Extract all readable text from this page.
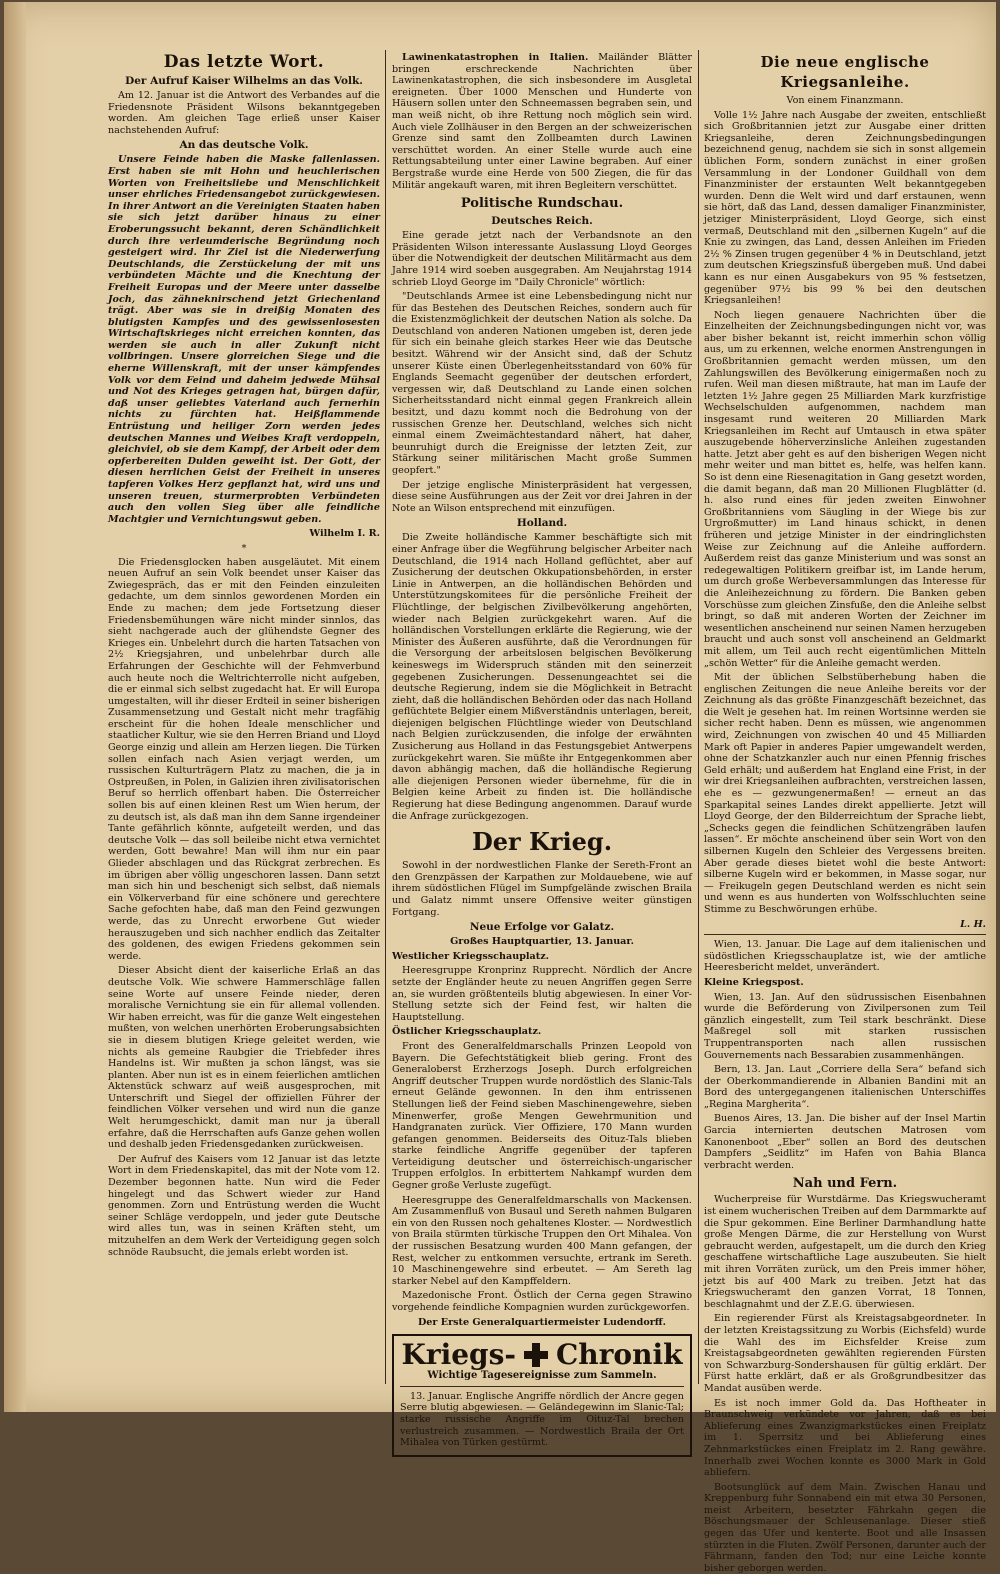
Das letzte Wort.
Der Aufruf Kaiser Wilhelms an das Volk.

Am 12. Januar ist die Antwort des Verbandes auf die Friedensnote Präsident Wilsons bekanntgegeben worden. Am gleichen Tage erließ unser Kaiser nachstehenden Aufruf:

An das deutsche Volk.

Unsere Feinde haben die Maske fallenlassen. Erst haben sie mit Hohn und heuchlerischen Worten von Freiheitsliebe und Menschlichkeit unser ehrliches Friedensangebot zurückgewiesen. In ihrer Antwort an die Vereinigten Staaten haben sie sich jetzt darüber hinaus zu einer Eroberungssucht bekannt, deren Schändlichkeit durch ihre verleumderische Begründung noch gesteigert wird. Ihr Ziel ist die Niederwerfung Deutschlands, die Zerstückelung der mit uns verbündeten Mächte und die Knechtung der Freiheit Europas und der Meere unter dasselbe Joch, das zähneknirschend jetzt Griechenland trägt. Aber was sie in dreißig Monaten des blutigsten Kampfes und des gewissenlosesten Wirtschaftskrieges nicht erreichen konnten, das werden sie auch in aller Zukunft nicht vollbringen. Unsere glorreichen Siege und die eherne Willenskraft, mit der unser kämpfendes Volk vor dem Feind und daheim jedwede Mühsal und Not des Krieges getragen hat, bürgen dafür, daß unser geliebtes Vaterland auch fernerhin nichts zu fürchten hat. Heißflammende Entrüstung und heiliger Zorn werden jedes deutschen Mannes und Weibes Kraft verdoppeln, gleichviel, ob sie dem Kampf, der Arbeit oder dem opferbereiten Dulden geweiht ist. Der Gott, der diesen herrlichen Geist der Freiheit in unseres tapferen Volkes Herz gepflanzt hat, wird uns und unseren treuen, sturmerprobten Verbündeten auch den vollen Sieg über alle feindliche Machtgier und Vernichtungswut geben.

Wilhelm I. R.

*

Die Friedensglocken haben ausgeläutet. Mit einem neuen Aufruf an sein Volk beendet unser Kaiser das Zwiegespräch, das er mit den Feinden einzuleiten gedachte, um dem sinnlos gewordenen Morden ein Ende zu machen; dem jede Fortsetzung dieser Friedensbemühungen wäre nicht minder sinnlos, das sieht nachgerade auch der glühendste Gegner des Krieges ein. Unbelehrt durch die harten Tatsachen von 2½ Kriegsjahren, und unbelehrbar durch alle Erfahrungen der Geschichte will der Fehmverbund auch heute noch die Weltrichterrolle nicht aufgeben, die er einmal sich selbst zugedacht hat. Er will Europa umgestalten, will ihr dieser Erdteil in seiner bisherigen Zusammensetzung und Gestalt nicht mehr tragfähig erscheint für die hohen Ideale menschlicher und staatlicher Kultur, wie sie den Herren Briand und Lloyd George einzig und allein am Herzen liegen. Die Türken sollen einfach nach Asien verjagt werden, um russischen Kulturträgern Platz zu machen, die ja in Ostpreußen, in Polen, in Galizien ihren zivilisatorischen Beruf so herrlich offenbart haben. Die Österreicher sollen bis auf einen kleinen Rest um Wien herum, der zu deutsch ist, als daß man ihn dem Sanne irgendeiner Tante gefährlich könnte, aufgeteilt werden, und das deutsche Volk — das soll beileibe nicht etwa vernichtet werden, Gott bewahre! Man will ihm nur ein paar Glieder abschlagen und das Rückgrat zerbrechen. Es im übrigen aber völlig ungeschoren lassen. Dann setzt man sich hin und beschenigt sich selbst, daß niemals ein Völkerverband für eine schönere und gerechtere Sache gefochten habe, daß man den Feind gezwungen werde, das zu Unrecht erworbene Gut wieder herauszugeben und sich nachher endlich das Zeitalter des goldenen, des ewigen Friedens gekommen sein werde.

Dieser Absicht dient der kaiserliche Erlaß an das deutsche Volk. Wie schwere Hammerschläge fallen seine Worte auf unsere Feinde nieder, deren moralische Vernichtung sie ein für allemal vollenden. Wir haben erreicht, was für die ganze Welt eingestehen mußten, von welchen unerhörten Eroberungsabsichten sie in diesem blutigen Kriege geleitet werden, wie nichts als gemeine Raubgier die Triebfeder ihres Handelns ist. Wir mußten ja schon längst, was sie planten. Aber nun ist es in einem feierlichen amtlichen Aktenstück schwarz auf weiß ausgesprochen, mit Unterschrift und Siegel der offiziellen Führer der feindlichen Völker versehen und wird nun die ganze Welt herumgeschickt, damit man nur ja überall erfahre, daß die Herrschaften aufs Ganze gehen wollen und deshalb jeden Friedensgedanken zurückweisen.

Der Aufruf des Kaisers vom 12 Januar ist das letzte Wort in dem Friedenskapitel, das mit der Note vom 12. Dezember begonnen hatte. Nun wird die Feder hingelegt und das Schwert wieder zur Hand genommen. Zorn und Entrüstung werden die Wucht seiner Schläge verdoppeln, und jeder gute Deutsche wird alles tun, was in seinen Kräften steht, um mitzuhelfen an dem Werk der Verteidigung gegen solch schnöde Raubsucht, die jemals erlebt worden ist.

Lawinenkatastrophen in Italien. Mailänder Blätter bringen erschreckende Nachrichten über Lawinenkatastrophen, die sich insbesondere im Ausgletal ereigneten. Über 1000 Menschen und Hunderte von Häusern sollen unter den Schneemassen begraben sein, und man weiß nicht, ob ihre Rettung noch möglich sein wird. Auch viele Zollhäuser in den Bergen an der schweizerischen Grenze sind samt den Zollbeamten durch Lawinen verschüttet worden. An einer Stelle wurde auch eine Rettungsabteilung unter einer Lawine begraben. Auf einer Bergstraße wurde eine Herde von 500 Ziegen, die für das Militär angekauft waren, mit ihren Begleitern verschüttet.

Politische Rundschau.
Deutsches Reich.

Eine gerade jetzt nach der Verbandsnote an den Präsidenten Wilson interessante Auslassung Lloyd Georges über die Notwendigkeit der deutschen Militärmacht aus dem Jahre 1914 wird soeben ausgegraben. Am Neujahrstag 1914 schrieb Lloyd George im "Daily Chronicle" wörtlich:

"Deutschlands Armee ist eine Lebensbedingung nicht nur für das Bestehen des Deutschen Reiches, sondern auch für die Existenzmöglichkeit der deutschen Nation als solche. Da Deutschland von anderen Nationen umgeben ist, deren jede für sich ein beinahe gleich starkes Heer wie das Deutsche besitzt. Während wir der Ansicht sind, daß der Schutz unserer Küste einen Überlegenheitsstandard von 60% für Englands Seemacht gegenüber der deutschen erfordert, vergessen wir, daß Deutschland zu Lande einen solchen Sicherheitsstandard nicht einmal gegen Frankreich allein besitzt, und dazu kommt noch die Bedrohung von der russischen Grenze her. Deutschland, welches sich nicht einmal einem Zweimächtestandard nähert, hat daher, beunruhigt durch die Ereignisse der letzten Zeit, zur Stärkung seiner militärischen Macht große Summen geopfert."

Der jetzige englische Ministerpräsident hat vergessen, diese seine Ausführungen aus der Zeit vor drei Jahren in der Note an Wilson entsprechend mit einzufügen.

Holland.

Die Zweite holländische Kammer beschäftigte sich mit einer Anfrage über die Wegführung belgischer Arbeiter nach Deutschland, die 1914 nach Holland geflüchtet, aber auf Zusicherung der deutschen Okkupationsbehörden, in erster Linie in Antwerpen, an die holländischen Behörden und Unterstützungskomitees für die persönliche Freiheit der Flüchtlinge, der belgischen Zivilbevölkerung angehörten, wieder nach Belgien zurückgekehrt waren. Auf die holländischen Vorstellungen erklärte die Regierung, wie der Minister des Äußeren ausführte, daß die Verordnungen für die Versorgung der arbeitslosen belgischen Bevölkerung keineswegs im Widerspruch ständen mit den seinerzeit gegebenen Zusicherungen. Dessenungeachtet sei die deutsche Regierung, indem sie die Möglichkeit in Betracht zieht, daß die holländischen Behörden oder das nach Holland geflüchtete Belgier einem Mißverständnis unterlagen, bereit, diejenigen belgischen Flüchtlinge wieder von Deutschland nach Belgien zurückzusenden, die infolge der erwähnten Zusicherung aus Holland in das Festungsgebiet Antwerpens zurückgekehrt waren. Sie müßte ihr Entgegenkommen aber davon abhängig machen, daß die holländische Regierung alle diejenigen Personen wieder übernehme, für die in Belgien keine Arbeit zu finden ist. Die holländische Regierung hat diese Bedingung angenommen. Darauf wurde die Anfrage zurückgezogen.

Der Krieg.

Sowohl in der nordwestlichen Flanke der Sereth-Front an den Grenzpässen der Karpathen zur Moldauebene, wie auf ihrem südöstlichen Flügel im Sumpfgelände zwischen Braila und Galatz nimmt unsere Offensive weiter günstigen Fortgang.

Neue Erfolge vor Galatz.

Großes Hauptquartier, 13. Januar.

Westlicher Kriegsschauplatz.

Heeresgruppe Kronprinz Rupprecht. Nördlich der Ancre setzte der Engländer heute zu neuen Angriffen gegen Serre an, sie wurden größtenteils blutig abgewiesen. In einer Vor-Stellung setzte sich der Feind fest, wir halten die Hauptstellung.

Östlicher Kriegsschauplatz.

Front des Generalfeldmarschalls Prinzen Leopold von Bayern. Die Gefechtstätigkeit blieb gering. Front des Generaloberst Erzherzogs Joseph. Durch erfolgreichen Angriff deutscher Truppen wurde nordöstlich des Slanic-Tals erneut Gelände gewonnen. In den ihm entrissenen Stellungen ließ der Feind sieben Maschinengewehre, sieben Minenwerfer, große Mengen Gewehrmunition und Handgranaten zurück. Vier Offiziere, 170 Mann wurden gefangen genommen. Beiderseits des Oituz-Tals blieben starke feindliche Angriffe gegenüber der tapferen Verteidigung deutscher und österreichisch-ungarischer Truppen erfolglos. In erbittertem Nahkampf wurden dem Gegner große Verluste zugefügt.

Heeresgruppe des Generalfeldmarschalls von Mackensen. Am Zusammenfluß von Busaul und Sereth nahmen Bulgaren ein von den Russen noch gehaltenes Kloster. — Nordwestlich von Braila stürmten türkische Truppen den Ort Mihalea. Von der russischen Besatzung wurden 400 Mann gefangen, der Rest, welcher zu entkommen versuchte, ertrank im Sereth. 10 Maschinengewehre sind erbeutet. — Am Sereth lag starker Nebel auf den Kampffeldern.

Mazedonische Front. Östlich der Cerna gegen Strawino vorgehende feindliche Kompagnien wurden zurückgeworfen.

Der Erste Generalquartiermeister Ludendorff.

Kriegs- Chronik
Wichtige Tagesereignisse zum Sammeln.

13. Januar. Englische Angriffe nördlich der Ancre gegen Serre blutig abgewiesen. — Geländegewinn im Slanic-Tal; starke russische Angriffe im Oituz-Tal brechen verlustreich zusammen. — Nordwestlich Braila der Ort Mihalea von Türken gestürmt.

Die neue englische Kriegsanleihe.

Von einem Finanzmann.

Volle 1½ Jahre nach Ausgabe der zweiten, entschließt sich Großbritannien jetzt zur Ausgabe einer dritten Kriegsanleihe, deren Zeichnungsbedingungen bezeichnend genug, nachdem sie sich in sonst allgemein üblichen Form, sondern zunächst in einer großen Versammlung in der Londoner Guildhall von dem Finanzminister der erstaunten Welt bekanntgegeben wurden. Denn die Welt wird und darf erstaunen, wenn sie hört, daß das Land, dessen damaliger Finanzminister, jetziger Ministerpräsident, Lloyd George, sich einst vermaß, Deutschland mit den „silbernen Kugeln“ auf die Knie zu zwingen, das Land, dessen Anleihen im Frieden 2½ % Zinsen trugen gegenüber 4 % in Deutschland, jetzt zum deutschen Kriegszinsfuß übergeben muß. Und dabei kann es nur einen Ausgabekurs von 95 % festsetzen, gegenüber 97½ bis 99 % bei den deutschen Kriegsanleihen!

Noch liegen genauere Nachrichten über die Einzelheiten der Zeichnungsbedingungen nicht vor, was aber bisher bekannt ist, reicht immerhin schon völlig aus, um zu erkennen, welche enormen Anstrengungen in Großbritannien gemacht werden müssen, um den Zahlungswillen des Bevölkerung einigermaßen noch zu rufen. Weil man diesen mißtraute, hat man im Laufe der letzten 1½ Jahre gegen 25 Milliarden Mark kurzfristige Wechselschulden aufgenommen, nachdem man insgesamt rund weiteren 20 Milliarden Mark Kriegsanleihen im Recht auf Umtausch in etwa später auszugebende höherverzinsliche Anleihen zugestanden hatte. Jetzt aber geht es auf den bisherigen Wegen nicht mehr weiter und man bittet es, helfe, was helfen kann. So ist denn eine Riesenagitation in Gang gesetzt worden, die damit begann, daß man 20 Millionen Flugblätter (d. h. also rund eines für jeden zweiten Einwohner Großbritanniens vom Säugling in der Wiege bis zur Urgroßmutter) im Land hinaus schickt, in denen früheren und jetzige Minister in der eindringlichsten Weise zur Zeichnung auf die Anleihe auffordern. Außerdem reist das ganze Ministerium und was sonst an redegewaltigen Politikern greifbar ist, im Lande herum, um durch große Werbeversammlungen das Interesse für die Anleihezeichnung zu fördern. Die Banken geben Vorschüsse zum gleichen Zinsfuße, den die Anleihe selbst bringt, so daß mit anderen Worten der Zeichner im wesentlichen anscheinend nur seinen Namen herzugeben braucht und auch sonst voll anscheinend an Geldmarkt mit allem, um Teil auch recht eigentümlichen Mitteln „schön Wetter“ für die Anleihe gemacht werden.

Mit der üblichen Selbstüberhebung haben die englischen Zeitungen die neue Anleihe bereits vor der Zeichnung als das größte Finanzgeschäft bezeichnet, das die Welt je gesehen hat. Im reinen Wortsinne werden sie sicher recht haben. Denn es müssen, wie angenommen wird, Zeichnungen von zwischen 40 und 45 Milliarden Mark oft Papier in anderes Papier umgewandelt werden, ohne der Schatzkanzler auch nur einen Pfennig frisches Geld erhält; und außerdem hat England eine Frist, in der wir drei Kriegsanleihen aufbrachten, verstreichen lassen, ehe es — gezwungenermaßen! — erneut an das Sparkapital seines Landes direkt appellierte. Jetzt will Lloyd George, der den Bilderreichtum der Sprache liebt, „Schecks gegen die feindlichen Schützengräben laufen lassen“. Er möchte anscheinend über sein Wort von den silbernen Kugeln den Schleier des Vergessens breiten. Aber gerade dieses bietet wohl die beste Antwort: silberne Kugeln wird er bekommen, in Masse sogar, nur — Freikugeln gegen Deutschland werden es nicht sein und wenn es aus hunderten von Wolfsschluchten seine Stimme zu Beschwörungen erhübe.

L. H.

Wien, 13. Januar. Die Lage auf dem italienischen und südöstlichen Kriegsschauplatze ist, wie der amtliche Heeresbericht meldet, unverändert.

Kleine Kriegspost.

Wien, 13. Jan. Auf den südrussischen Eisenbahnen wurde die Beförderung von Zivilpersonen zum Teil gänzlich eingestellt, zum Teil stark beschränkt. Diese Maßregel soll mit starken russischen Truppentransporten nach allen russischen Gouvernements nach Bessarabien zusammenhängen.

Bern, 13. Jan. Laut „Corriere della Sera“ befand sich der Oberkommandierende in Albanien Bandini mit an Bord des untergegangenen italienischen Unterschiffes „Regina Margherita“.

Buenos Aires, 13. Jan. Die bisher auf der Insel Martin Garcia internierten deutschen Matrosen vom Kanonenboot „Eber“ sollen an Bord des deutschen Dampfers „Seidlitz“ im Hafen von Bahia Blanca verbracht werden.

Nah und Fern.

Wucherpreise für Wurstdärme. Das Kriegswucheramt ist einem wucherischen Treiben auf dem Darmmarkte auf die Spur gekommen. Eine Berliner Darmhandlung hatte große Mengen Därme, die zur Herstellung von Wurst gebraucht werden, aufgestapelt, um die durch den Krieg geschaffene wirtschaftliche Lage auszubeuten. Sie hielt mit ihren Vorräten zurück, um den Preis immer höher, jetzt bis auf 400 Mark zu treiben. Jetzt hat das Kriegswucheramt den ganzen Vorrat, 18 Tonnen, beschlagnahmt und der Z.E.G. überwiesen.

Ein regierender Fürst als Kreistagsabgeordneter. In der letzten Kreistagssitzung zu Worbis (Eichsfeld) wurde die Wahl des im Eichsfelder Kreise zum Kreistagsabgeordneten gewählten regierenden Fürsten von Schwarzburg-Sondershausen für gültig erklärt. Der Fürst hatte erklärt, daß er als Großgrundbesitzer das Mandat ausüben werde.

Es ist noch immer Gold da. Das Hoftheater in Braunschweig verkündete vor Jahren, daß es bei Ablieferung eines Zwanzigmarkstückes einen Freiplatz im 1. Sperrsitz und bei Ablieferung eines Zehnmarkstückes einen Freiplatz im 2. Rang gewähre. Innerhalb zwei Wochen konnte es 3000 Mark in Gold abliefern.

Bootsunglück auf dem Main. Zwischen Hanau und Kreppenburg fuhr Sonnabend ein mit etwa 30 Personen, meist Arbeitern, besetzter Fährkahn gegen die Böschungsmauer der Schleusenanlage. Dieser stieß gegen das Ufer und kenterte. Boot und alle Insassen stürzten in die Fluten. Zwölf Personen, darunter auch der Fährmann, fanden den Tod; nur eine Leiche konnte bisher geborgen werden.
